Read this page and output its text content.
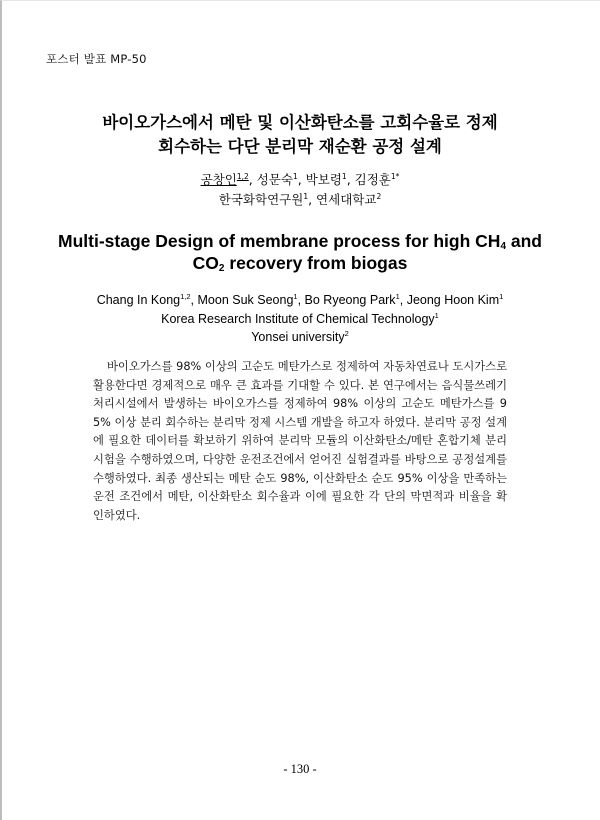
포스터 발표 MP-50
바이오가스에서 메탄 및 이산화탄소를 고회수율로 정제
회수하는 다단 분리막 재순환 공정 설계
공창인$^{1,2}$, 성문숙$^1$, 박보령$^1$, 김정훈$^{1*}$
한국화학연구원$^1$, 연세대학교$^2$
Multi-stage Design of membrane process for high $CH_4$ and
$CO_2$ recovery from biogas
Chang In Kong$^{1,2}$, Moon Suk Seong$^1$, Bo Ryeong Park$^1$, Jeong Hoon Kim$^1$
Korea Research Institute of Chemical Technology$^1$
Yonsei university$^2$
바이오가스를 98% 이상의 고순도 메탄가스로 정제하여 자동차연료나 도시가스로 활용한다면 경제적으로 매우 큰 효과를 기대할 수 있다. 본 연구에서는 음식물쓰레기 처리시설에서 발생하는 바이오가스를 정제하여 98% 이상의 고순도 메탄가스를 95% 이상 분리 회수하는 분리막 정제 시스템 개발을 하고자 하였다. 분리막 공정 설계에 필요한 데이터를 확보하기 위하여 분리막 모듈의 이산화탄소/메탄 혼합기체 분리시험을 수행하였으며, 다양한 운전조건에서 얻어진 실험결과를 바탕으로 공정설계를 수행하였다. 최종 생산되는 메탄 순도 98%, 이산화탄소 순도 95% 이상을 만족하는 운전 조건에서 메탄, 이산화탄소 회수율과 이에 필요한 각 단의 막면적과 비율을 확인하였다.
- 130 -
